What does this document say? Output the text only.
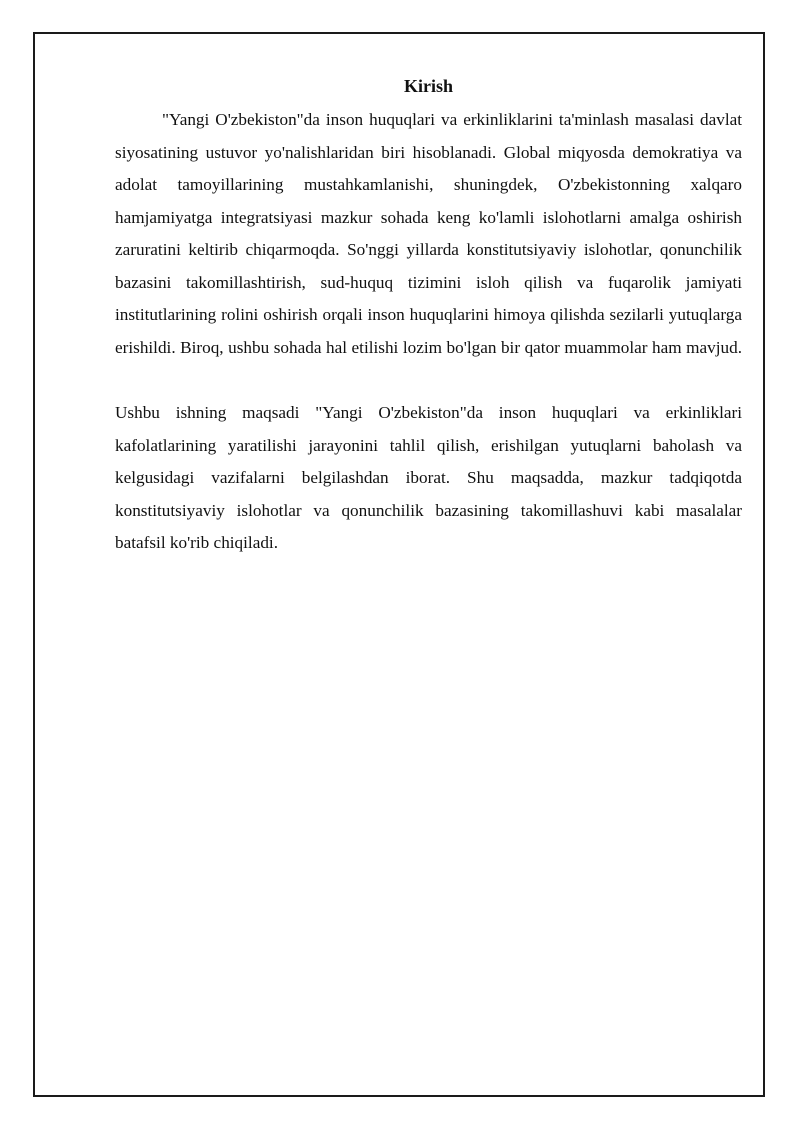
Kirish

"Yangi O'zbekiston"da inson huquqlari va erkinliklarini ta'minlash masalasi davlat siyosatining ustuvor yo'nalishlaridan biri hisoblanadi. Global miqyosda demokratiya va adolat tamoyillarining mustahkamlanishi, shuningdek, O'zbekistonning xalqaro hamjamiyatga integratsiyasi mazkur sohada keng ko'lamli islohotlarni amalga oshirish zaruratini keltirib chiqarmoqda. So'nggi yillarda konstitutsiyaviy islohotlar, qonunchilik bazasini takomillashtirish, sud-huquq tizimini isloh qilish va fuqarolik jamiyati institutlarining rolini oshirish orqali inson huquqlarini himoya qilishda sezilarli yutuqlarga erishildi. Biroq, ushbu sohada hal etilishi lozim bo'lgan bir qator muammolar ham mavjud.

Ushbu ishning maqsadi "Yangi O'zbekiston"da inson huquqlari va erkinliklari kafolatlarining yaratilishi jarayonini tahlil qilish, erishilgan yutuqlarni baholash va kelgusidagi vazifalarni belgilashdan iborat. Shu maqsadda, mazkur tadqiqotda konstitutsiyaviy islohotlar va qonunchilik bazasining takomillashuvi kabi masalalar batafsil ko'rib chiqiladi.
